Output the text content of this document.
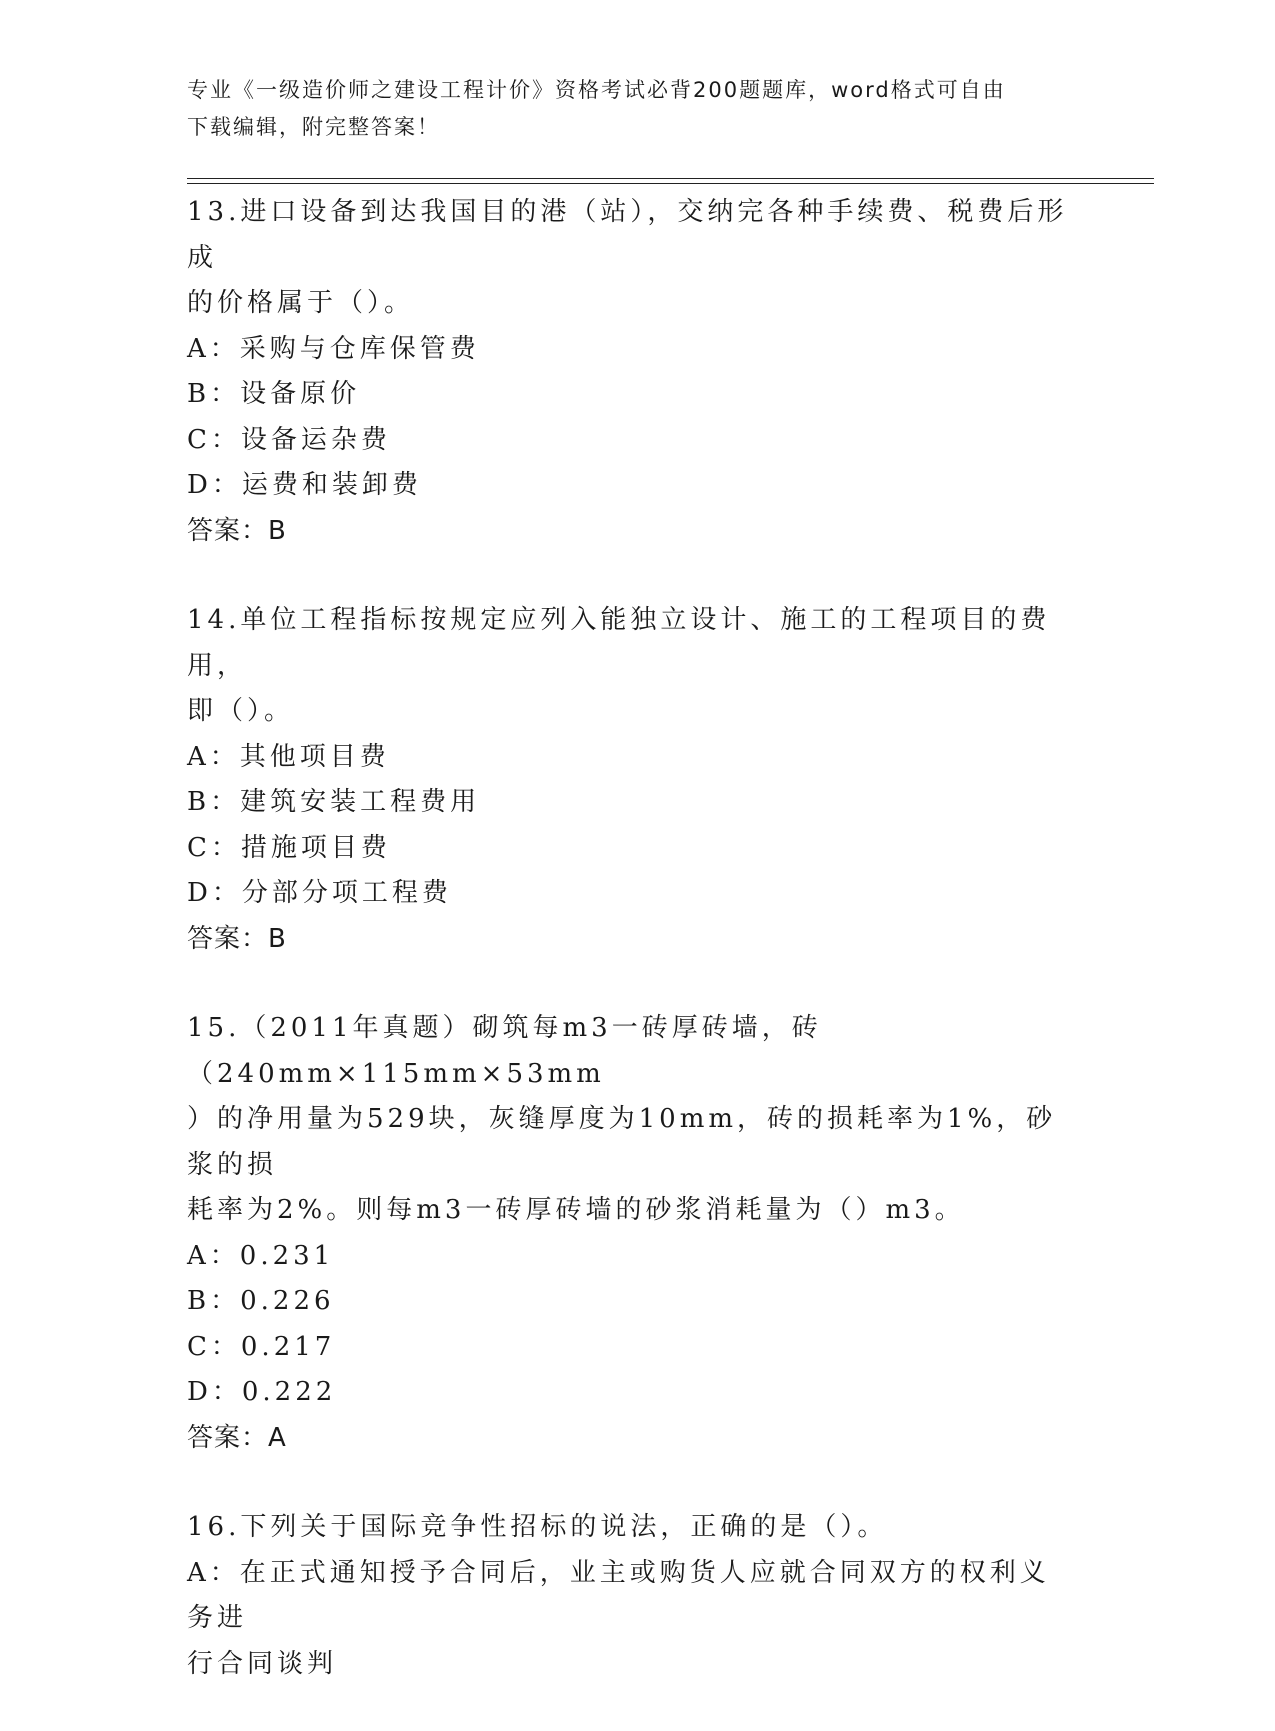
专业《一级造价师之建设工程计价》资格考试必背200题题库，word格式可自由
下载编辑，附完整答案！

13.进口设备到达我国目的港（站），交纳完各种手续费、税费后形成

的价格属于（）。

A：采购与仓库保管费

B：设备原价

C：设备运杂费

D：运费和装卸费

答案：B

14.单位工程指标按规定应列入能独立设计、施工的工程项目的费用，

即（）。

A：其他项目费

B：建筑安装工程费用

C：措施项目费

D：分部分项工程费

答案：B

15.（2011年真题）砌筑每m3一砖厚砖墙，砖（240mm×115mm×53mm

）的净用量为529块，灰缝厚度为10mm，砖的损耗率为1%，砂浆的损

耗率为2%。则每m3一砖厚砖墙的砂浆消耗量为（）m3。

A：0.231

B：0.226

C：0.217

D：0.222

答案：A

16.下列关于国际竞争性招标的说法，正确的是（）。

A：在正式通知授予合同后，业主或购货人应就合同双方的权利义务进

行合同谈判
